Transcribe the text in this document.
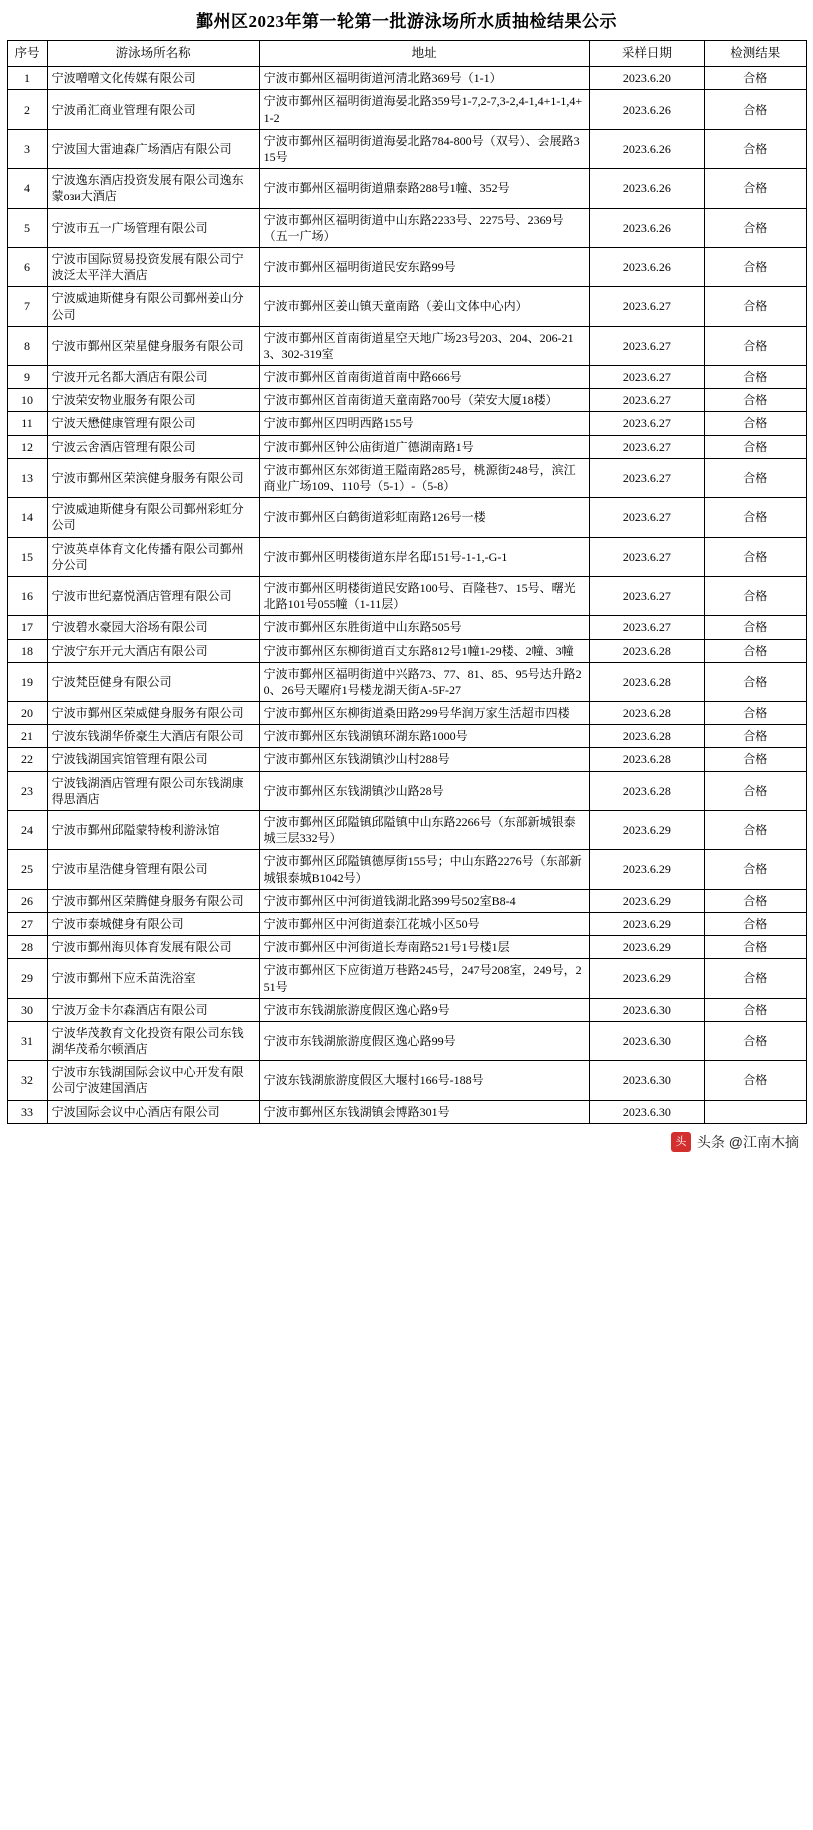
鄞州区2023年第一轮第一批游泳场所水质抽检结果公示
序号	游泳场所名称	地址	采样日期	检测结果
1	宁波噌噌文化传媒有限公司	宁波市鄞州区福明街道河清北路369号（1-1）	2023.6.20	合格
2	宁波甬汇商业管理有限公司	宁波市鄞州区福明街道海晏北路359号1-7,2-7,3-2,4-1,4+1-1,4+1-2	2023.6.26	合格
3	宁波国大雷迪森广场酒店有限公司	宁波市鄞州区福明街道海晏北路784-800号（双号）、会展路315号	2023.6.26	合格
4	宁波逸东酒店投资发展有限公司逸东蒙ози大酒店	宁波市鄞州区福明街道鼎泰路288号1幢、352号	2023.6.26	合格
5	宁波市五一广场管理有限公司	宁波市鄞州区福明街道中山东路2233号、2275号、2369号（五一广场）	2023.6.26	合格
6	宁波市国际贸易投资发展有限公司宁波泛太平洋大酒店	宁波市鄞州区福明街道民安东路99号	2023.6.26	合格
7	宁波威迪斯健身有限公司鄞州姜山分公司	宁波市鄞州区姜山镇天童南路（姜山文体中心内）	2023.6.27	合格
8	宁波市鄞州区荣星健身服务有限公司	宁波市鄞州区首南街道星空天地广场23号203、204、206-213、302-319室	2023.6.27	合格
9	宁波开元名都大酒店有限公司	宁波市鄞州区首南街道首南中路666号	2023.6.27	合格
10	宁波荣安物业服务有限公司	宁波市鄞州区首南街道天童南路700号（荣安大厦18楼）	2023.6.27	合格
11	宁波天懋健康管理有限公司	宁波市鄞州区四明西路155号	2023.6.27	合格
12	宁波云舍酒店管理有限公司	宁波市鄞州区钟公庙街道广德湖南路1号	2023.6.27	合格
13	宁波市鄞州区荣滨健身服务有限公司	宁波市鄞州区东郊街道王隘南路285号，桃源街248号，滨江商业广场109、110号（5-1）-（5-8）	2023.6.27	合格
14	宁波威迪斯健身有限公司鄞州彩虹分公司	宁波市鄞州区白鹤街道彩虹南路126号一楼	2023.6.27	合格
15	宁波英卓体育文化传播有限公司鄞州分公司	宁波市鄞州区明楼街道东岸名邸151号-1-1,-G-1	2023.6.27	合格
16	宁波市世纪嘉悦酒店管理有限公司	宁波市鄞州区明楼街道民安路100号、百隆巷7、15号、曙光北路101号055幢（1-11层）	2023.6.27	合格
17	宁波碧水豪园大浴场有限公司	宁波市鄞州区东胜街道中山东路505号	2023.6.27	合格
18	宁波宁东开元大酒店有限公司	宁波市鄞州区东柳街道百丈东路812号1幢1-29楼、2幢、3幢	2023.6.28	合格
19	宁波梵臣健身有限公司	宁波市鄞州区福明街道中兴路73、77、81、85、95号达升路20、26号天曜府1号楼龙湖天街A-5F-27	2023.6.28	合格
20	宁波市鄞州区荣威健身服务有限公司	宁波市鄞州区东柳街道桑田路299号华润万家生活超市四楼	2023.6.28	合格
21	宁波东钱湖华侨豪生大酒店有限公司	宁波市鄞州区东钱湖镇环湖东路1000号	2023.6.28	合格
22	宁波钱湖国宾馆管理有限公司	宁波市鄞州区东钱湖镇沙山村288号	2023.6.28	合格
23	宁波钱湖酒店管理有限公司东钱湖康得思酒店	宁波市鄞州区东钱湖镇沙山路28号	2023.6.28	合格
24	宁波市鄞州邱隘蒙特梭利游泳馆	宁波市鄞州区邱隘镇邱隘镇中山东路2266号（东部新城银泰城三层332号）	2023.6.29	合格
25	宁波市星浩健身管理有限公司	宁波市鄞州区邱隘镇德厚街155号；中山东路2276号（东部新城银泰城B1042号）	2023.6.29	合格
26	宁波市鄞州区荣腾健身服务有限公司	宁波市鄞州区中河街道钱湖北路399号502室B8-4	2023.6.29	合格
27	宁波市泰城健身有限公司	宁波市鄞州区中河街道泰江花城小区50号	2023.6.29	合格
28	宁波市鄞州海贝体育发展有限公司	宁波市鄞州区中河街道长寿南路521号1号楼1层	2023.6.29	合格
29	宁波市鄞州下应禾苗洗浴室	宁波市鄞州区下应街道万巷路245号，247号208室，249号，251号	2023.6.29	合格
30	宁波万金卡尔森酒店有限公司	宁波市东钱湖旅游度假区逸心路9号	2023.6.30	合格
31	宁波华茂教育文化投资有限公司东钱湖华茂希尔顿酒店	宁波市东钱湖旅游度假区逸心路99号	2023.6.30	合格
32	宁波市东钱湖国际会议中心开发有限公司宁波建国酒店	宁波东钱湖旅游度假区大堰村166号-188号	2023.6.30	合格
33	宁波国际会议中心酒店有限公司	宁波市鄞州区东钱湖镇会博路301号	2023.6.30	
头条
头条 @江南木摘
